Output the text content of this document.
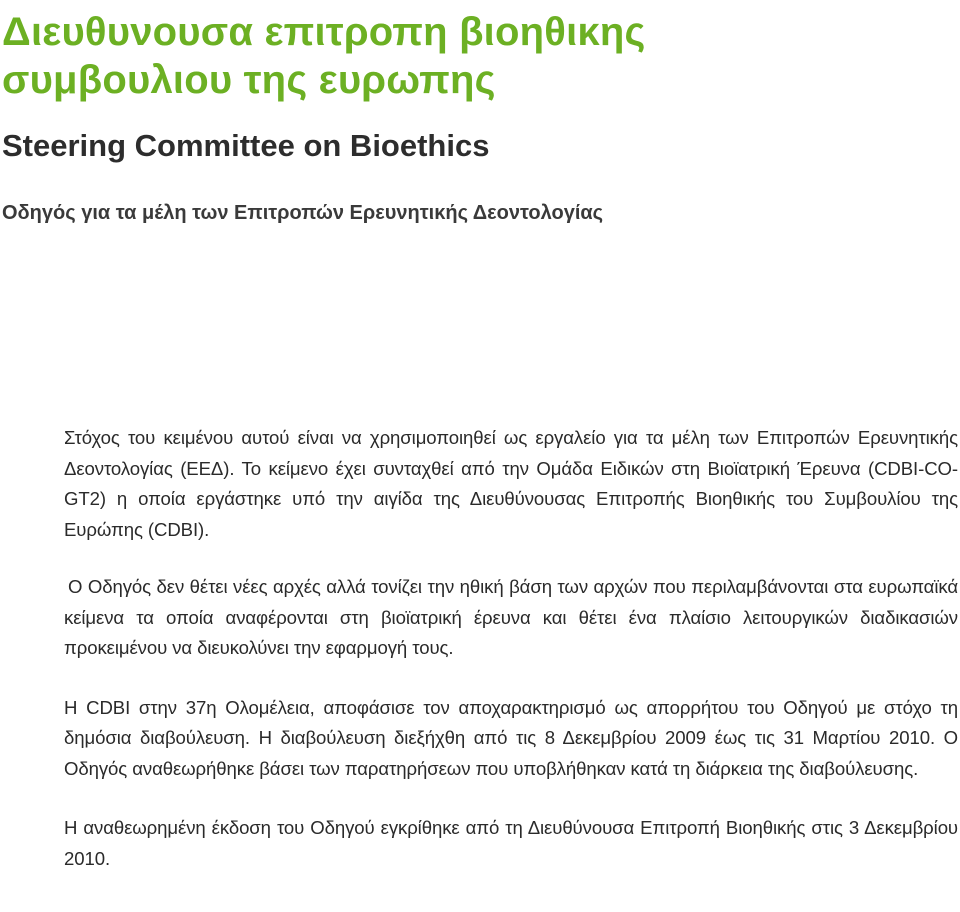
Διευθυνουσα επιτροπη βιοηθικης
συμβουλιου της ευρωπης
Steering Committee on Bioethics
Οδηγός για τα μέλη των Επιτροπών Ερευνητικής Δεοντολογίας

Στόχος του κειμένου αυτού είναι να χρησιμοποιηθεί ως εργαλείο για τα μέλη των Επιτροπών Ερευνητικής Δεοντολογίας (ΕΕΔ). Το κείμενο έχει συνταχθεί από την Ομάδα Ειδικών στη Βιοϊατρική Έρευνα (CDBI-CO-GT2) η οποία εργάστηκε υπό την αιγίδα της Διευθύνουσας Επιτροπής Βιοηθικής του Συμβουλίου της Ευρώπης (CDBI).

Ο Οδηγός δεν θέτει νέες αρχές αλλά τονίζει την ηθική βάση των αρχών που περιλαμβάνονται στα ευρωπαϊκά κείμενα τα οποία αναφέρονται στη βιοϊατρική έρευνα και θέτει ένα πλαίσιο λειτουργικών διαδικασιών προκειμένου να διευκολύνει την εφαρμογή τους.

Η CDBI στην 37η Ολομέλεια, αποφάσισε τον αποχαρακτηρισμό ως απορρήτου του Οδηγού με στόχο τη δημόσια διαβούλευση. Η διαβούλευση διεξήχθη από τις 8 Δεκεμβρίου 2009 έως τις 31 Μαρτίου 2010. Ο Οδηγός αναθεωρήθηκε βάσει των παρατηρήσεων που υποβλήθηκαν κατά τη διάρκεια της διαβούλευσης.

Η αναθεωρημένη έκδοση του Οδηγού εγκρίθηκε από τη Διευθύνουσα Επιτροπή Βιοηθικής στις 3 Δεκεμβρίου 2010.
